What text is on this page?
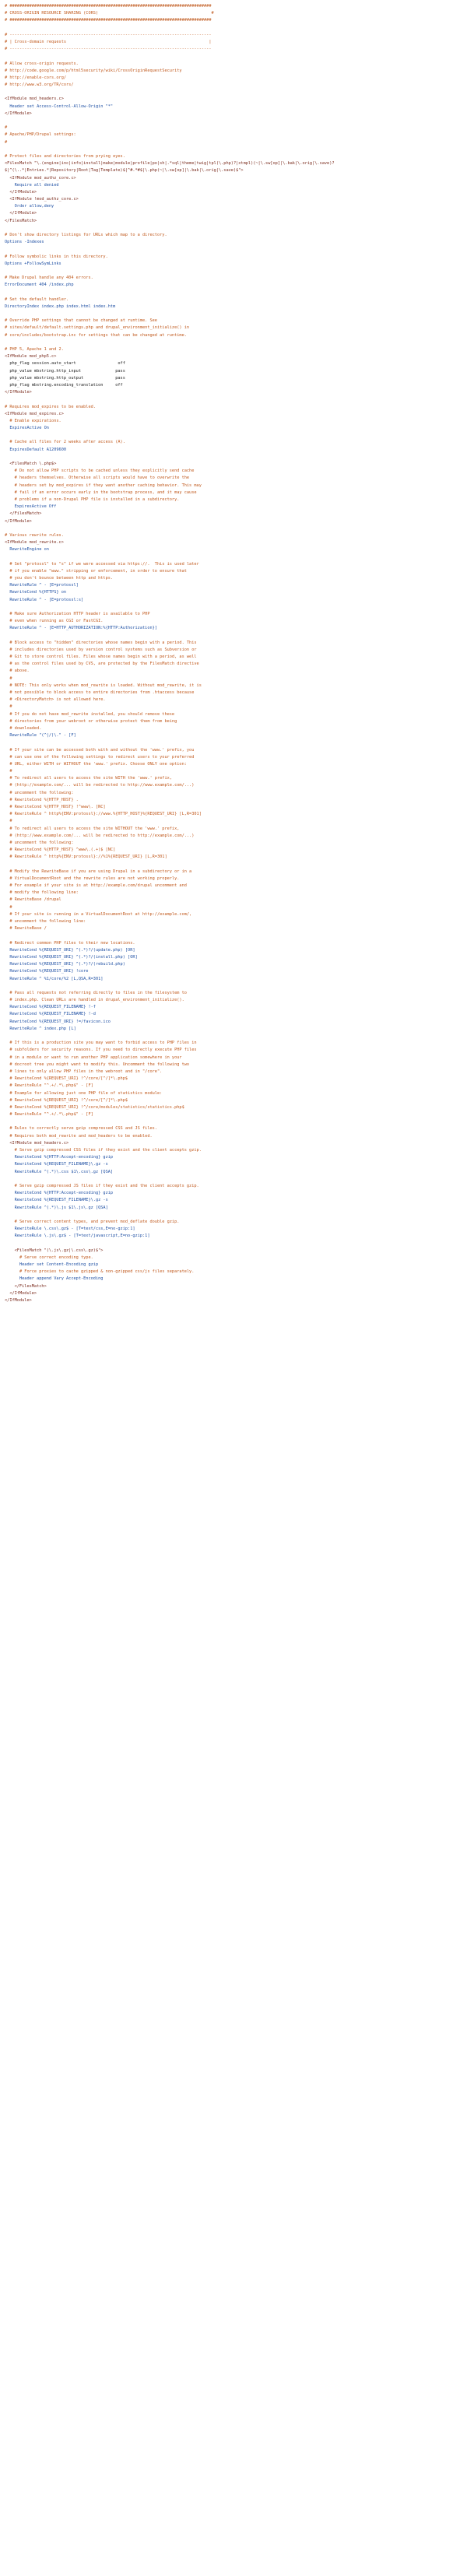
# ##################################################################################
# CROSS-ORIGIN RESOURCE SHARING (CORS)                                              #
# ##################################################################################

# ----------------------------------------------------------------------------------
# | Cross-domain requests                                                          |
# ----------------------------------------------------------------------------------

# Allow cross-origin requests.
# http://code.google.com/p/html5security/wiki/CrossOriginRequestSecurity
# http://enable-cors.org/
# http://www.w3.org/TR/cors/

<IfModule mod_headers.c>
Header set Access-Control-Allow-Origin "*"
</IfModule>

#
# Apache/PHP/Drupal settings:
#

# Protect files and directories from prying eyes.
<FilesMatch "\.(engine|inc|info|install|make|module|profile|po|sh|.*sql|theme|twig|tpl(\.php)?|xtmpl)(~|\.sw[op]|\.bak|\.orig|\.save)?
$|^(\..*|Entries.*|Repository|Root|Tag|Template)$|^#.*#$|\.php(~|\.sw[op]|\.bak|\.orig|\.save)$">
<IfModule mod_authz_core.c>
Require all denied
</IfModule>
<IfModule !mod_authz_core.c>
Order allow,deny
</IfModule>
</FilesMatch>

# Don't show directory listings for URLs which map to a directory.
Options -Indexes

# Follow symbolic links in this directory.
Options +FollowSymLinks

# Make Drupal handle any 404 errors.
ErrorDocument 404 /index.php

# Set the default handler.
DirectoryIndex index.php index.html index.htm

# Override PHP settings that cannot be changed at runtime. See
# sites/default/default.settings.php and drupal_environment_initialize() in
# core/includes/bootstrap.inc for settings that can be changed at runtime.

# PHP 5, Apache 1 and 2.
<IfModule mod_php5.c>
php_flag session.auto_start                 off
php_value mbstring.http_input              pass
php_value mbstring.http_output             pass
php_flag mbstring.encoding_translation     off
</IfModule>

# Requires mod_expires to be enabled.
<IfModule mod_expires.c>
# Enable expirations.
ExpiresActive On

# Cache all files for 2 weeks after access (A).
ExpiresDefault A1209600

<FilesMatch \.php$>
# Do not allow PHP scripts to be cached unless they explicitly send cache
# headers themselves. Otherwise all scripts would have to overwrite the
# headers set by mod_expires if they want another caching behavior. This may
# fail if an error occurs early in the bootstrap process, and it may cause
# problems if a non-Drupal PHP file is installed in a subdirectory.
ExpiresActive Off
</FilesMatch>
</IfModule>

# Various rewrite rules.
<IfModule mod_rewrite.c>
RewriteEngine on

# Set "protossl" to "s" if we were accessed via https://.  This is used later
# if you enable "www." stripping or enforcement, in order to ensure that
# you don't bounce between http and https.
RewriteRule ^ - [E=protossl]
RewriteCond %{HTTPS} on
RewriteRule ^ - [E=protossl:s]

# Make sure Authorization HTTP header is available to PHP
# even when running as CGI or FastCGI.
RewriteRule ^ - [E=HTTP_AUTHORIZATION:%{HTTP:Authorization}]

# Block access to "hidden" directories whose names begin with a period. This
# includes directories used by version control systems such as Subversion or
# Git to store control files. Files whose names begin with a period, as well
# as the control files used by CVS, are protected by the FilesMatch directive
# above.
#
# NOTE: This only works when mod_rewrite is loaded. Without mod_rewrite, it is
# not possible to block access to entire directories from .htaccess because
# <DirectoryMatch> is not allowed here.
#
# If you do not have mod_rewrite installed, you should remove these
# directories from your webroot or otherwise protect them from being
# downloaded.
RewriteRule "(^|/)\." - [F]

# If your site can be accessed both with and without the 'www.' prefix, you
# can use one of the following settings to redirect users to your preferred
# URL, either WITH or WITHOUT the 'www.' prefix. Choose ONLY one option:
#
# To redirect all users to access the site WITH the 'www.' prefix,
# (http://example.com/... will be redirected to http://www.example.com/...)
# uncomment the following:
# RewriteCond %{HTTP_HOST} .
# RewriteCond %{HTTP_HOST} !^www\. [NC]
# RewriteRule ^ http%{ENV:protossl}://www.%{HTTP_HOST}%{REQUEST_URI} [L,R=301]
#
# To redirect all users to access the site WITHOUT the 'www.' prefix,
# (http://www.example.com/... will be redirected to http://example.com/...)
# uncomment the following:
# RewriteCond %{HTTP_HOST} ^www\.(.+)$ [NC]
# RewriteRule ^ http%{ENV:protossl}://%1%{REQUEST_URI} [L,R=301]

# Modify the RewriteBase if you are using Drupal in a subdirectory or in a
# VirtualDocumentRoot and the rewrite rules are not working properly.
# For example if your site is at http://example.com/drupal uncomment and
# modify the following line:
# RewriteBase /drupal
#
# If your site is running in a VirtualDocumentRoot at http://example.com/,
# uncomment the following line:
# RewriteBase /

# Redirect common PHP files to their new locations.
RewriteCond %{REQUEST_URI} ^(.*)?/(update.php) [OR]
RewriteCond %{REQUEST_URI} ^(.*)?/(install.php) [OR]
RewriteCond %{REQUEST_URI} ^(.*)?/(rebuild.php)
RewriteCond %{REQUEST_URI} !core
RewriteRule ^ %1/core/%2 [L,QSA,R=301]

# Pass all requests not referring directly to files in the filesystem to
# index.php. Clean URLs are handled in drupal_environment_initialize().
RewriteCond %{REQUEST_FILENAME} !-f
RewriteCond %{REQUEST_FILENAME} !-d
RewriteCond %{REQUEST_URI} !=/favicon.ico
RewriteRule ^ index.php [L]

# If this is a production site you may want to forbid access to PHP files in
# subfolders for security reasons. If you need to directly execute PHP files
# in a module or want to run another PHP application somewhere in your
# docroot tree you might want to modify this. Uncomment the following two
# lines to only allow PHP files in the webroot and in "/core".
# RewriteCond %{REQUEST_URI} !^/core/[^/]*\.php$
# RewriteRule "^.+/.*\.php$" - [F]
# Example for allowing just one PHP file of statistics module:
# RewriteCond %{REQUEST_URI} !^/core/[^/]*\.php$
# RewriteCond %{REQUEST_URI} !^/core/modules/statistics/statistics.php$
# RewriteRule "^.+/.*\.php$" - [F]

# Rules to correctly serve gzip compressed CSS and JS files.
# Requires both mod_rewrite and mod_headers to be enabled.
<IfModule mod_headers.c>
# Serve gzip compressed CSS files if they exist and the client accepts gzip.
RewriteCond %{HTTP:Accept-encoding} gzip
RewriteCond %{REQUEST_FILENAME}\.gz -s
RewriteRule ^(.*)\.css $1\.css\.gz [QSA]

# Serve gzip compressed JS files if they exist and the client accepts gzip.
RewriteCond %{HTTP:Accept-encoding} gzip
RewriteCond %{REQUEST_FILENAME}\.gz -s
RewriteRule ^(.*)\.js $1\.js\.gz [QSA]

# Serve correct content types, and prevent mod_deflate double gzip.
RewriteRule \.css\.gz$ - [T=text/css,E=no-gzip:1]
RewriteRule \.js\.gz$ - [T=text/javascript,E=no-gzip:1]

<FilesMatch "(\.js\.gz|\.css\.gz)$">
# Serve correct encoding type.
Header set Content-Encoding gzip
# Force proxies to cache gzipped & non-gzipped css/js files separately.
Header append Vary Accept-Encoding
</FilesMatch>
</IfModule>
</IfModule>
